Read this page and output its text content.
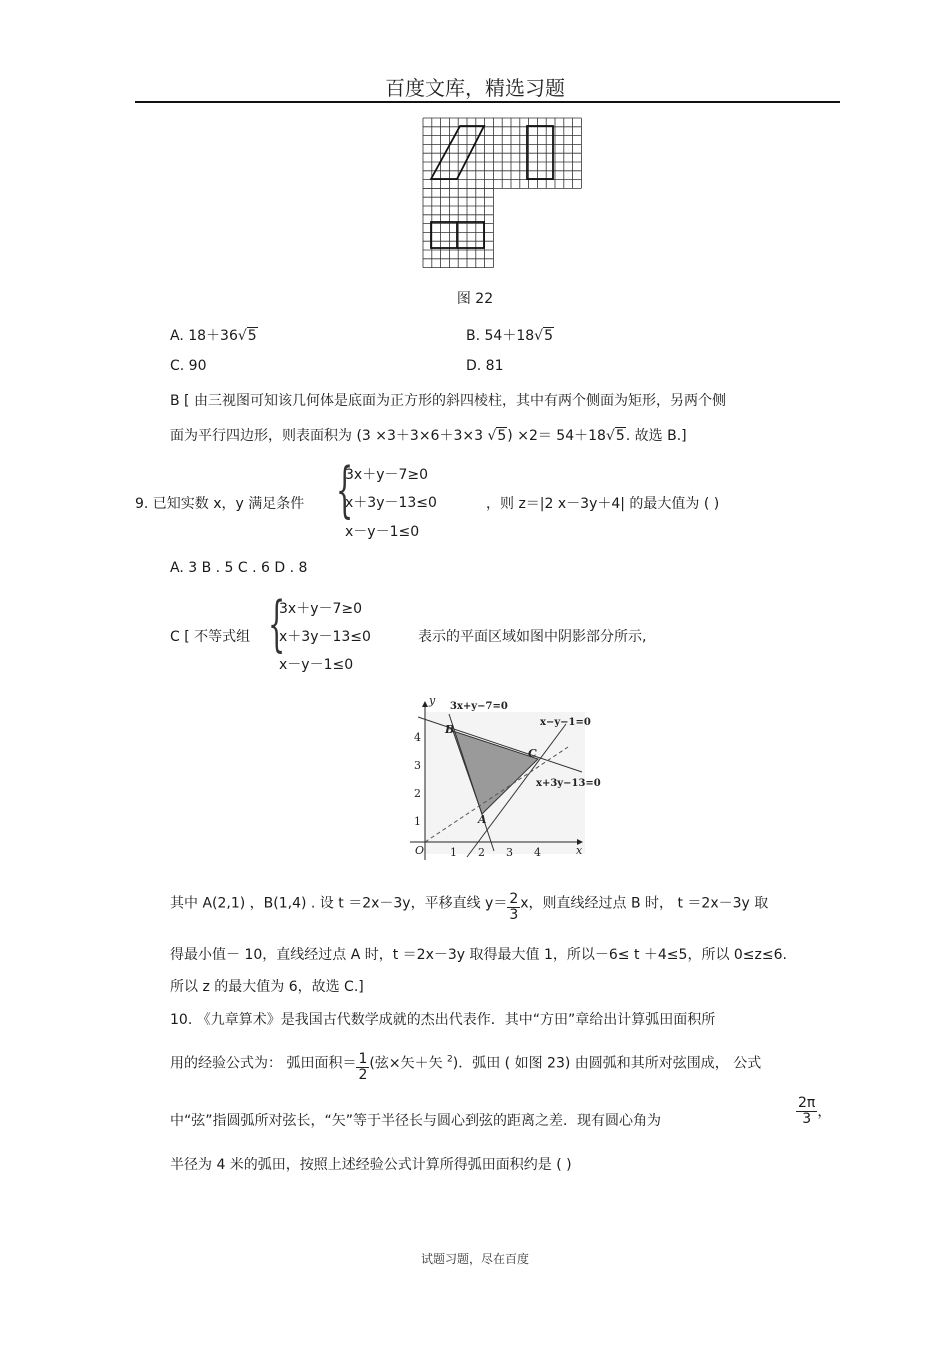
百度文库，精选习题
图 22
A. 18＋36√5	B. 54＋18√5
C. 90	D. 81
B [ 由三视图可知该几何体是底面为正方形的斜四棱柱，其中有两个侧面为矩形，另两个侧
面为平行四边形，则表面积为 (3 ×3＋3×6＋3×3 √5) ×2＝ 54＋18√5. 故选 B.]
9. 已知实数 x，y 满足条件 {
3x＋y－7≥0
x＋3y－13≤0
x－y－1≤0
，则 z＝|2 x－3y＋4| 的最大值为 ( )
A. 3 B . 5 C . 6 D . 8
C [ 不等式组 {
3x＋y－7≥0
x＋3y－13≤0
x－y－1≤0
表示的平面区域如图中阴影部分所示,
y
x
O
B
C
A
3x+y−7=0
x−y−1=0
x+3y−13=0
1 2 3 4
1
2
3
4
其中 A(2,1) ，B(1,4) . 设 t ＝2x－3y，平移直线 $y= \frac{2}{3}$ x，则直线经过点 B 时， t ＝2x－3y 取
得最小值－ 10，直线经过点 A 时，t ＝2x－3y 取得最大值 1，所以－6≤ t ＋4≤5，所以 0≤z≤6.
所以 z 的最大值为 6，故选 C.]
10. 《九章算术》是我国古代数学成就的杰出代表作．其中“方田”章给出计算弧田面积所
用的经验公式为： 弧田面积＝ $\frac{1}{2}$ (弦×矢＋矢 $^2$)．弧田 ( 如图 23) 由圆弧和其所对弦围成， 公式
中“弦”指圆弧所对弦长，“矢”等于半径长与圆心到弦的距离之差．现有圆心角为	$\frac{2\pi}{3}$ ，
半径为 4 米的弧田，按照上述经验公式计算所得弧田面积约是 ( )
试题习题，尽在百度
